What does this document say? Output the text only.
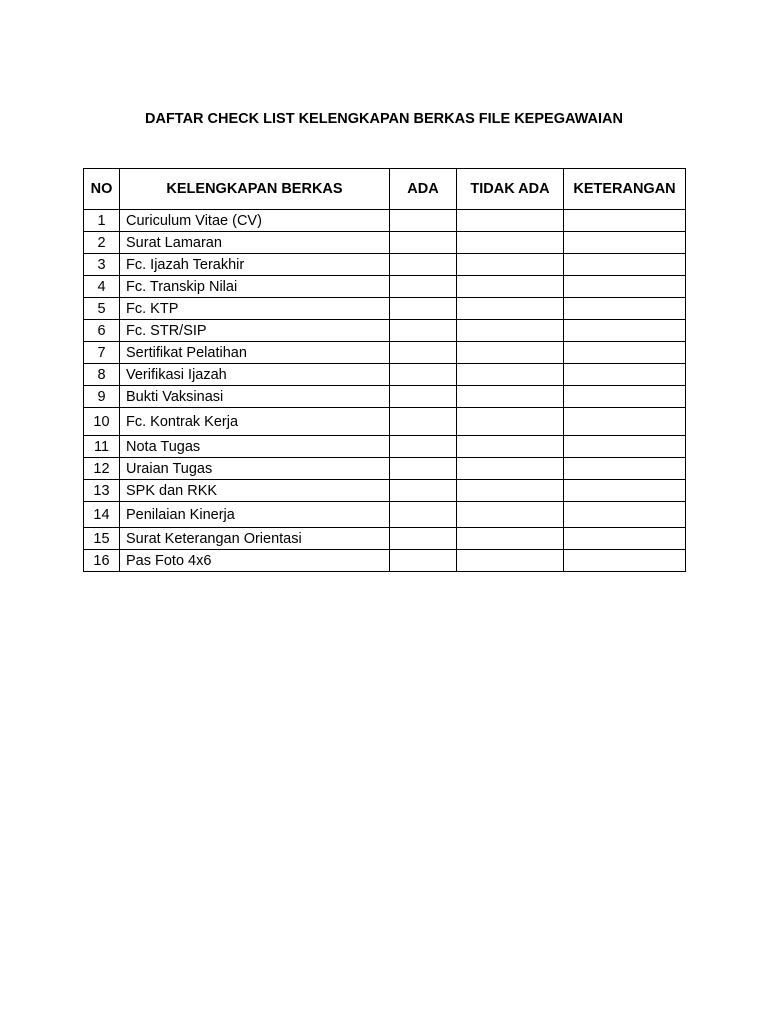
DAFTAR CHECK LIST KELENGKAPAN BERKAS FILE KEPEGAWAIAN
NO	KELENGKAPAN BERKAS	ADA	TIDAK ADA	KETERANGAN
1	Curiculum Vitae (CV)			
2	Surat Lamaran			
3	Fc. Ijazah Terakhir			
4	Fc. Transkip Nilai			
5	Fc. KTP			
6	Fc. STR/SIP			
7	Sertifikat Pelatihan			
8	Verifikasi Ijazah			
9	Bukti Vaksinasi			
10	Fc. Kontrak Kerja			
11	Nota Tugas			
12	Uraian Tugas			
13	SPK dan RKK			
14	Penilaian Kinerja			
15	Surat Keterangan Orientasi			
16	Pas Foto 4x6			
